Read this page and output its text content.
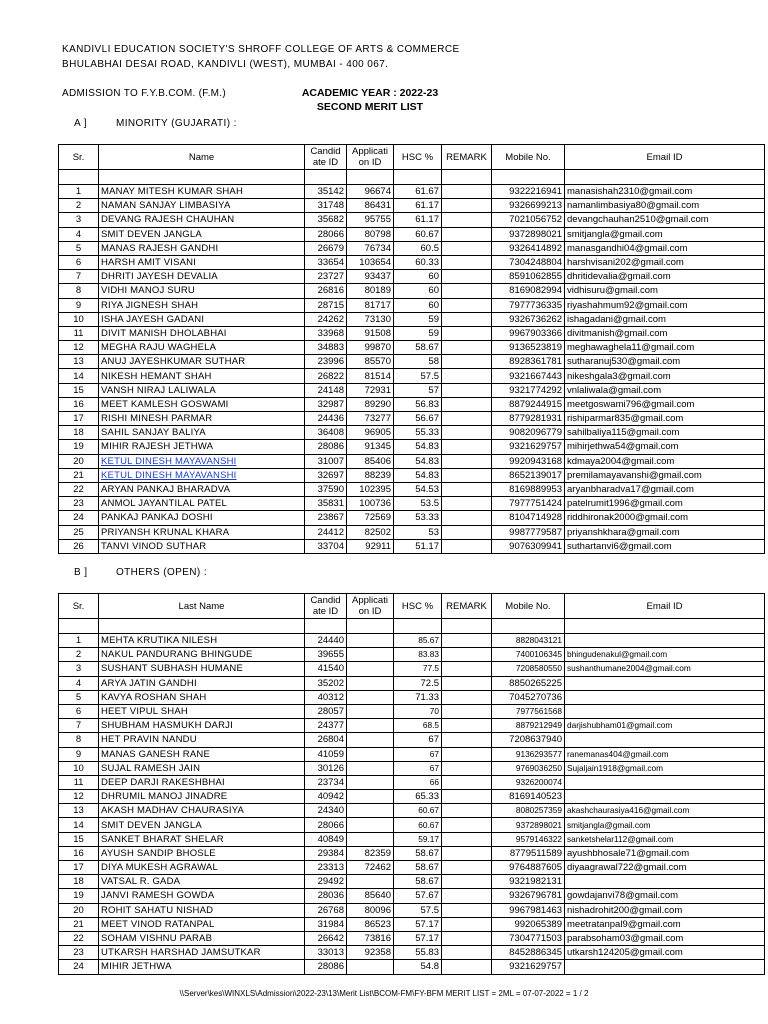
KANDIVLI EDUCATION SOCIETY'S SHROFF COLLEGE OF ARTS & COMMERCE
BHULABHAI DESAI ROAD, KANDIVLI (WEST), MUMBAI - 400 067.
ADMISSION TO F.Y.B.COM. (F.M.)	ACADEMIC YEAR : 2022-23
SECOND MERIT LIST
A ]	MINORITY (GUJARATI) :
Sr.	Name	Candid ate ID	Applicati on ID	HSC %	REMARK	Mobile No.	Email ID

1	MANAY MITESH KUMAR SHAH	35142	96674	61.67		9322216941	manasishah2310@gmail.com
2	NAMAN SANJAY LIMBASIYA	31748	86431	61.17		9326699213	namanlimbasiya80@gmail.com
3	DEVANG RAJESH CHAUHAN	35682	95755	61.17		7021056752	devangchauhan2510@gmail.com
4	SMIT DEVEN JANGLA	28066	80798	60.67		9372898021	smitjangla@gmail.com
5	MANAS RAJESH GANDHI	26679	76734	60.5		9326414892	manasgandhi04@gmail.com
6	HARSH AMIT VISANI	33654	103654	60.33		7304248804	harshvisani202@gmail.com
7	DHRITI JAYESH DEVALIA	23727	93437	60		8591062855	dhritidevalia@gmail.com
8	VIDHI MANOJ SURU	26816	80189	60		8169082994	vidhisuru@gmail.com
9	RIYA JIGNESH SHAH	28715	81717	60		7977736335	riyashahmum92@gmail.com
10	ISHA JAYESH GADANI	24262	73130	59		9326736262	ishagadani@gmail.com
11	DIVIT MANISH DHOLABHAI	33968	91508	59		9967903366	divitmanish@gmail.com
12	MEGHA RAJU WAGHELA	34883	99870	58.67		9136523819	meghawaghela11@gmail.com
13	ANUJ JAYESHKUMAR SUTHAR	23996	85570	58		8928361781	sutharanuj530@gmail.com
14	NIKESH HEMANT SHAH	26822	81514	57.5		9321667443	nikeshgala3@gmail.com
15	VANSH NIRAJ LALIWALA	24148	72931	57		9321774292	vnlaliwala@gmail.com
16	MEET KAMLESH GOSWAMI	32987	89290	56.83		8879244915	meetgoswami796@gmail.com
17	RISHI MINESH PARMAR	24436	73277	56.67		8779281931	rishiparmar835@gmail.com
18	SAHIL SANJAY BALIYA	36408	96905	55.33		9082096779	sahilbaliya115@gmail.com
19	MIHIR RAJESH JETHWA	28086	91345	54.83		9321629757	mihirjethwa54@gmail.com
20	KETUL DINESH MAYAVANSHI	31007	85406	54.83		9920943168	kdmaya2004@gmail.com
21	KETUL DINESH MAYAVANSHI	32697	88239	54.83		8652139017	premilamayavanshi@gmail.com
22	ARYAN PANKAJ BHARADVA	37590	102395	54.53		8169889953	aryanbharadva17@gmail.com
23	ANMOL JAYANTILAL PATEL	35831	100736	53.5		7977751424	patelrumit1996@gmail.com
24	PANKAJ PANKAJ DOSHI	23867	72569	53.33		8104714928	riddhironak2000@gmail.com
25	PRIYANSH KRUNAL KHARA	24412	82502	53		9987779587	priyanshkhara@gmail.com
26	TANVI VINOD SUTHAR	33704	92911	51.17		9076309941	suthartanvi6@gmail.com
B ]	OTHERS (OPEN) :
Sr.	Last Name	Candid ate ID	Applicati on ID	HSC %	REMARK	Mobile No.	Email ID

1	MEHTA KRUTIKA NILESH	24440		85.67		8828043121	
2	NAKUL PANDURANG BHINGUDE	39655		83.83		7400106345	bhingudenakul@gmail.com
3	SUSHANT SUBHASH HUMANE	41540		77.5		7208580550	sushanthumane2004@gmail.com
4	ARYA JATIN GANDHI	35202		72.5		8850265225	
5	KAVYA ROSHAN SHAH	40312		71.33		7045270736	
6	HEET VIPUL SHAH	28057		70		7977561568	
7	SHUBHAM HASMUKH DARJI	24377		68.5		8879212949	darjishubham01@gmail.com
8	HET PRAVIN NANDU	26804		67		7208637940	
9	MANAS GANESH RANE	41059		67		9136293577	ranemanas404@gmail.com
10	SUJAL RAMESH JAIN	30126		67		9769036250	Sujaljain1918@gmail.com
11	DEEP DARJI RAKESHBHAI	23734		66		9326200074	
12	DHRUMIL MANOJ JINADRE	40942		65.33		8169140523	
13	AKASH MADHAV CHAURASIYA	24340		60.67		8080257359	akashchaurasiya416@gmail.com
14	SMIT DEVEN JANGLA	28066		60.67		9372898021	smitjangla@gmail.com
15	SANKET BHARAT SHELAR	40849		59.17		9579146322	sanketshelar112@gmail.com
16	AYUSH SANDIP BHOSLE	29384	82359	58.67		8779511589	ayushbhosale71@gmail.com
17	DIYA MUKESH AGRAWAL	23313	72462	58.67		9764887605	diyaagrawal722@gmail.com
18	VATSAL R. GADA	29492		58.67		9321982131	
19	JANVI RAMESH GOWDA	28036	85640	57.67		9326796781	gowdajanvi78@gmail.com
20	ROHIT SAHATU NISHAD	26768	80096	57.5		9967981463	nishadrohit200@gmail.com
21	MEET VINOD RATANPAL	31984	86523	57.17		992065389	meetratanpal9@gmail.com
22	SOHAM VISHNU PARAB	26642	73816	57.17		7304771503	parabsoham03@gmail.com
23	UTKARSH HARSHAD JAMSUTKAR	33013	92358	55.83		8452886345	utkarsh124205@gmail.com
24	MIHIR JETHWA	28086		54.8		9321629757	
\\Server\kes\WINXLS\Admission\2022-23\13\Merit List\BCOM-FM\FY-BFM MERIT LIST = 2ML = 07-07-2022 = 1 / 2
